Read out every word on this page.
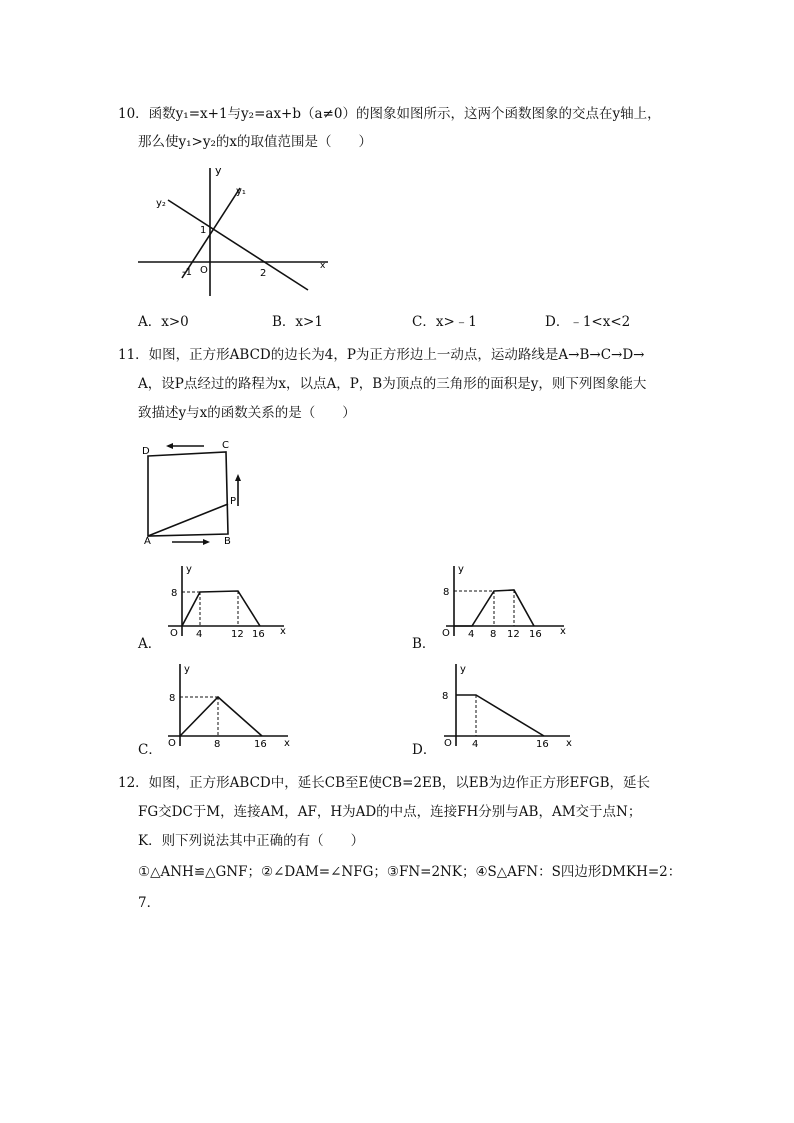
10．函数y₁=x+1与y₂=ax+b（a≠0）的图象如图所示，这两个函数图象的交点在y轴上，
那么使y₁>y₂的x的取值范围是（　　）
y
x
y₁
y₂
1
O
-1	2
A．x>0	B．x>1	C．x>﹣1	D．﹣1<x<2
11．如图，正方形ABCD的边长为4，P为正方形边上一动点，运动路线是A→B→C→D→
A，设P点经过的路程为x，以点A，P，B为顶点的三角形的面积是y，则下列图象能大
致描述y与x的函数关系的是（　　）
D
C
P
A	B
y
x
8
O 4	12 16
A．
y
x
8
O 4 8 12 16
B．
y
x
8
O	8	16
C．
y
x
8
O 4	16
D．
12．如图，正方形ABCD中，延长CB至E使CB=2EB，以EB为边作正方形EFGB，延长
FG交DC于M，连接AM，AF，H为AD的中点，连接FH分别与AB，AM交于点N；
K．则下列说法其中正确的有（　　）
①△ANH≌△GNF；②∠DAM=∠NFG；③FN=2NK；④S△AFN：S四边形DMKH=2：
7．
